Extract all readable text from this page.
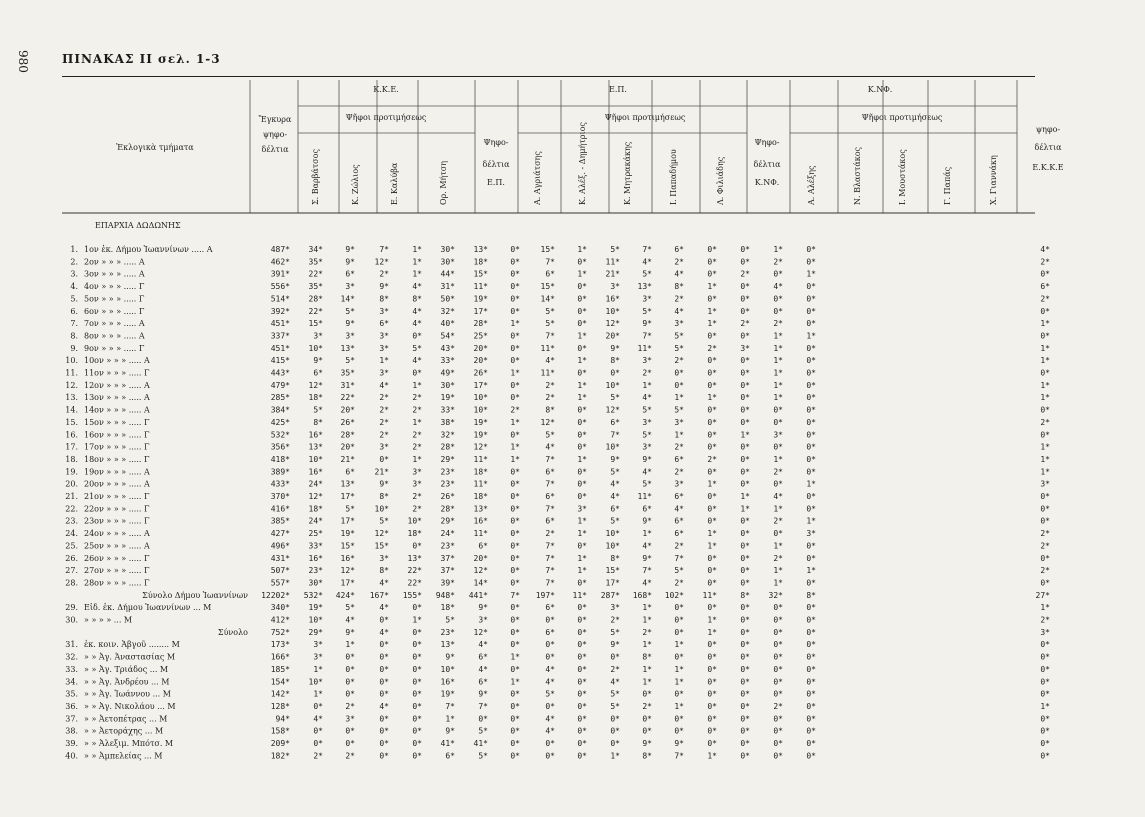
980	ΠΙΝΑΚΑΣ ΙΙ σελ. 1-3
Ἐκλογικὰ τμήματα
Ἔγκυρα
ψηφο-
δέλτια
Κ.Κ.Ε.
Ψῆφοι προτιμήσεως
Ε.Π.
Ψῆφοι προτιμήσεως
Ψηφο-
δέλτια
Ε.Π.
Κ.ΝΦ.
Ψῆφοι προτιμήσεως
Ψηφο-
δέλτια
Κ.ΝΦ.
ψηφο-
δέλτια
Ε.Κ.Κ.Ε
Σ. Βαρβάτσος	Κ. Ζώλιος	Ε. Καλύβα	Ορ. Μήτση	Α. Αγριάτσης	Κ. Αλέξ. - Δημήτριος	Κ. Μητρακάκης	Ι. Παπαδήμου	Λ. Φιλιάδης	Α. Αλέξης	Ν. Βλαστάκος	Ι. Μουστάκος	Γ. Παπάς	Χ. Γιαννάκη
ΕΠΑΡΧΙΑ ΔΩΔΩΝΗΣ
1. 1ον ἐκ. Δήμου Ἰωαννίνων ..... Α	487* 34*	9*	7*	1* 30* 13*	0*	15*	1*	5*	7*	6*	0*	0*	1*	0*	4*
2. 2ον » » » ..... Α	462* 35*	9* 12*	1* 30* 18*	0*	7*	0* 11*	4*	2*	0*	0*	2*	0*	2*
3. 3ον » » » ..... Α	391* 22*	6*	2*	1* 44* 15*	0*	6*	1* 21*	5*	4*	0*	2*	0*	1*	0*
4. 4ον » » » ..... Γ	556* 35*	3*	9*	4* 31* 11*	0*	15*	0*	3* 13*	8*	1*	0*	4*	0*	6*
5. 5ον » » » ..... Γ	514* 28* 14*	8*	8* 50* 19*	0*	14*	0* 16*	3*	2*	0*	0*	0*	0*	2*
6. 6ον » » » ..... Γ	392* 22*	5*	3*	4* 32* 17*	0*	5*	0* 10*	5*	4*	1*	0*	0*	0*	0*
7. 7ον » » » ..... Α	451* 15*	9*	6*	4* 40* 28*	1*	5*	0* 12*	9*	3*	1*	2*	2*	0*	1*
8. 8ον » » » ..... Α	337*	3*	3*	3*	0* 54* 25*	0*	7*	1* 20*	7*	5*	0*	0*	1*	1*	0*
9. 9ον » » » ..... Γ	451* 10* 13*	3*	5* 43* 20*	0*	11*	0*	9* 11*	5*	2*	3*	1*	0*	1*
10. 10ον » » » ..... Α	415*	9*	5*	1*	4* 33* 20*	0*	4*	1*	8*	3*	2*	0*	0*	1*	0*	1*
11. 11ον » » » ..... Γ	443*	6* 35*	3*	0* 49* 26*	1*	11*	0*	0*	2*	0*	0*	0*	1*	0*	0*
12. 12ον » » » ..... Α	479* 12* 31*	4*	1* 30* 17*	0*	2*	1* 10*	1*	0*	0*	0*	1*	0*	1*
13. 13ον » » » ..... Α	285* 18* 22*	2*	2* 19* 10*	0*	2*	1*	5*	4*	1*	1*	0*	1*	0*	1*
14. 14ον » » » ..... Α	384*	5* 20*	2*	2* 33* 10*	2*	8*	0* 12*	5*	5*	0*	0*	0*	0*	0*
15. 15ον » » » ..... Γ	425*	8* 26*	2*	1* 38* 19*	1*	12*	0*	6*	3*	3*	0*	0*	0*	0*	2*
16. 16ον » » » ..... Γ	532* 16* 28*	2*	2* 32* 19*	0*	5*	0*	7*	5*	1*	0*	1*	3*	0*	0*
17. 17ον » » » ..... Γ	356* 13* 20*	3*	2* 28* 12*	1*	4*	0* 10*	3*	2*	0*	0*	0*	0*	1*
18. 18ον » » » ..... Γ	418* 10* 21*	0*	1* 29* 11*	1*	7*	1*	9*	9*	6*	2*	0*	1*	0*	1*
19. 19ον » » » ..... Α	389* 16*	6* 21*	3* 23* 18*	0*	6*	0*	5*	4*	2*	0*	0*	2*	0*	1*
20. 20ον » » » ..... Α	433* 24* 13*	9*	3* 23* 11*	0*	7*	0*	4*	5*	3*	1*	0*	0*	1*	3*
21. 21ον » » » ..... Γ	370* 12* 17*	8*	2* 26* 18*	0*	6*	0*	4* 11*	6*	0*	1*	4*	0*	0*
22. 22ον » » » ..... Γ	416* 18*	5* 10*	2* 28* 13*	0*	7*	3*	6*	6*	4*	0*	1*	1*	0*	0*
23. 23ον » » » ..... Γ	385* 24* 17*	5* 10* 29* 16*	0*	6*	1*	5*	9*	6*	0*	0*	2*	1*	0*
24. 24ον » » » ..... Α	427* 25* 19* 12* 18* 24* 11*	0*	2*	1* 10*	1*	6*	1*	0*	0*	3*	2*
25. 25ον » » » ..... Α	496* 33* 15* 15*	0* 23*	6*	0*	7*	0* 10*	4*	2*	1*	0*	1*	0*	2*
26. 26ον » » » ..... Γ	431* 16* 16*	3* 13* 37* 20*	0*	7*	1*	8*	9*	7*	0*	0*	2*	0*	0*
27. 27ον » » » ..... Γ	507* 23* 12*	8* 22* 37* 12*	0*	7*	1* 15*	7*	5*	0*	0*	1*	1*	2*
28. 28ον » » » ..... Γ	557* 30* 17*	4* 22* 39* 14*	0*	7*	0* 17*	4*	2*	0*	0*	1*	0*	0*
Σύνολο Δήμου Ἰωαννίνων 12202* 532* 424* 167* 155* 948* 441*	7* 197* 11* 287* 168* 102* 11*	8* 32*	8*	27*
29. Εἰδ. ἐκ. Δήμου Ἰωαννίνων ... Μ	340* 19*	5*	4*	0* 18*	9*	0*	6*	0*	3*	1*	0*	0*	0*	0*	0*	1*
30. » » » » ... Μ	412* 10*	4*	0*	1*	5*	3*	0*	0*	0*	2*	1*	0*	1*	0*	0*	0*	2*
Σύνολο	752* 29*	9*	4*	0* 23* 12*	0*	6*	0*	5*	2*	0*	1*	0*	0*	0*	3*
31. ἐκ. κοιν. Ἀβγοῦ ........ Μ	173*	3*	1*	0*	0* 13*	4*	0*	0*	0*	9*	1*	1*	0*	0*	0*	0*	0*
32. » » Ἀγ. Ἀναστασίας Μ	166*	3*	0*	0*	0*	9*	6*	1*	0*	0*	0*	8*	0*	0*	0*	0*	0*	0*
33. » » Ἀγ. Τριάδος ... Μ	185*	1*	0*	0*	0* 10*	4*	0*	4*	0*	2*	1*	1*	0*	0*	0*	0*	0*
34. » » Ἀγ. Ἀνδρέου ... Μ	154* 10*	0*	0*	0* 16*	6*	1*	4*	0*	4*	1*	1*	0*	0*	0*	0*	0*
35. » » Ἀγ. Ἰωάννου ... Μ	142*	1*	0*	0*	0* 19*	9*	0*	5*	0*	5*	0*	0*	0*	0*	0*	0*	0*
36. » » Ἀγ. Νικολάου ... Μ	128*	0*	2*	4*	0*	7*	7*	0*	0*	0*	5*	2*	1*	0*	0*	2*	0*	1*
37. » » Ἀετοπέτρας ... Μ	94*	4*	3*	0*	0*	1*	0*	0*	4*	0*	0*	0*	0*	0*	0*	0*	0*	0*
38. » » Ἀετοράχης ... Μ	158*	0*	0*	0*	0*	9*	5*	0*	4*	0*	0*	0*	0*	0*	0*	0*	0*	0*
39. » » Ἀλεξιμ. Μπότσ. Μ	209*	0*	0*	0*	0* 41* 41*	0*	0*	0*	0*	9*	9*	0*	0*	0*	0*	0*
40. » » Ἀμπελείας ... Μ	182*	2*	2*	0*	0*	6*	5*	0*	0*	0*	1*	8*	7*	1*	0*	0*	0*	0*
